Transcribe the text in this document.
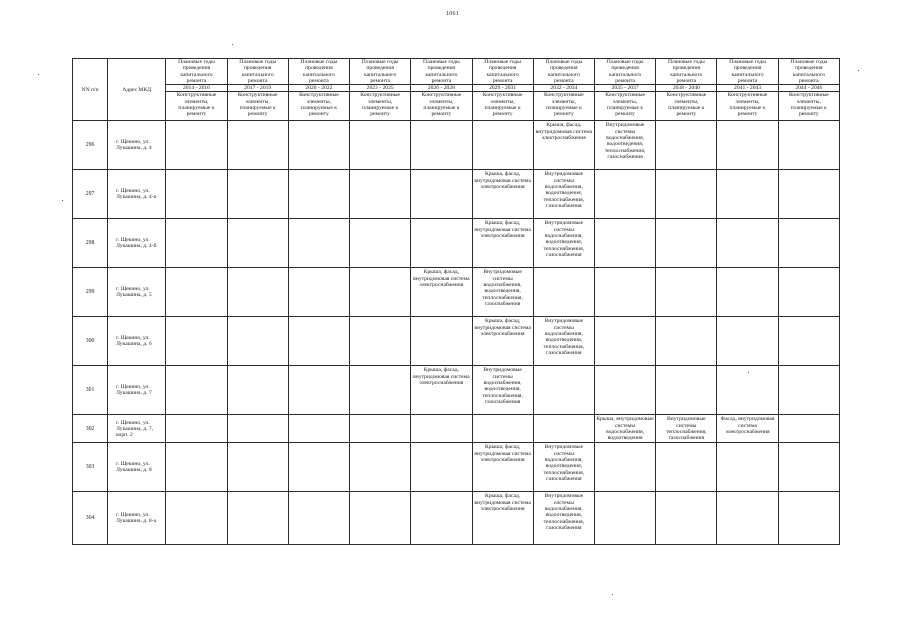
1061
NN п/п	Адрес МКД	Плановые годы
проведения
капитального
ремонта	Плановые годы
проведения
капитального
ремонта	Плановые годы
проведения
капитального
ремонта	Плановые годы
проведения
капитального
ремонта	Плановые годы
проведения
капитального
ремонта	Плановые годы
проведения
капитального
ремонта	Плановые годы
проведения
капитального
ремонта	Плановые годы
проведения
капитального
ремонта	Плановые годы
проведения
капитального
ремонта	Плановые годы
проведения
капитального
ремонта	Плановые годы
проведения
капитального
ремонта

		2014 - 2016	2017 - 2019	2020 - 2022	2023 - 2025	2026 - 2028	2029 - 2031	2032 - 2034	2035 - 2037	2038 - 2040	2041 - 2043	2044 - 2046

		Конструктивные
элементы,
планируемые к
ремонту	Конструктивные
элементы,
планируемые к
ремонту	Конструктивные
элементы,
планируемые к
ремонту	Конструктивные
элементы,
планируемые к
ремонту	Конструктивные
элементы,
планируемые к
ремонту	Конструктивные
элементы,
планируемые к
ремонту	Конструктивные
элементы,
планируемые к
ремонту	Конструктивные
элементы,
планируемые к
ремонту	Конструктивные
элементы,
планируемые к
ремонту	Конструктивные
элементы,
планируемые к
ремонту	Конструктивные
элементы,
планируемые к
ремонту

296	г. Щекино, ул.
Лукашина, д. 4							Крыша, фасад, внутридомовая система электроснабжения	Внутридомовые системы водоснабжения, водоотведения, теплоснабжения, газоснабжения			
297	г. Щекино, ул.
Лукашина, д. 4-а						Крыша, фасад, внутридомовая система электроснабжения	Внутридомовые системы водоснабжения, водоотведения, теплоснабжения, газоснабжения				
298	г. Щекино, ул.
Лукашина, д. 4-б						Крыша, фасад, внутридомовая система электроснабжения	Внутридомовые системы водоснабжения, водоотведения, теплоснабжения, газоснабжения				
299	г. Щекино, ул.
Лукашина, д. 5					Крыша, фасад, внутридомовая система электроснабжения	Внутридомовые системы водоснабжения, водоотведения, теплоснабжения, газоснабжения					
300	г. Щекино, ул.
Лукашина, д. 6						Крыша, фасад, внутридомовая система электроснабжения	Внутридомовые системы водоснабжения, водоотведения, теплоснабжения, газоснабжения				
301	г. Щекино, ул.
Лукашина, д. 7					Крыша, фасад, внутридомовая система электроснабжения	Внутридомовые системы водоснабжения, водоотведения, теплоснабжения, газоснабжения					
302	г. Щекино, ул.
Лукашина, д. 7, корп. 2								Крыша, внутридомовые системы водоснабжения, водоотведения	Внутридомовые системы теплоснабжения, газоснабжения	Фасад, внутридомовая система электроснабжения	
303	г. Щекино, ул.
Лукашина, д. 8						Крыша, фасад, внутридомовая система электроснабжения	Внутридомовые системы водоснабжения, водоотведения, теплоснабжения, газоснабжения				
304	г. Щекино, ул.
Лукашина, д. 8-а						Крыша, фасад, внутридомовая система электроснабжения	Внутридомовые системы водоснабжения, водоотведения, теплоснабжения, газоснабжения				
